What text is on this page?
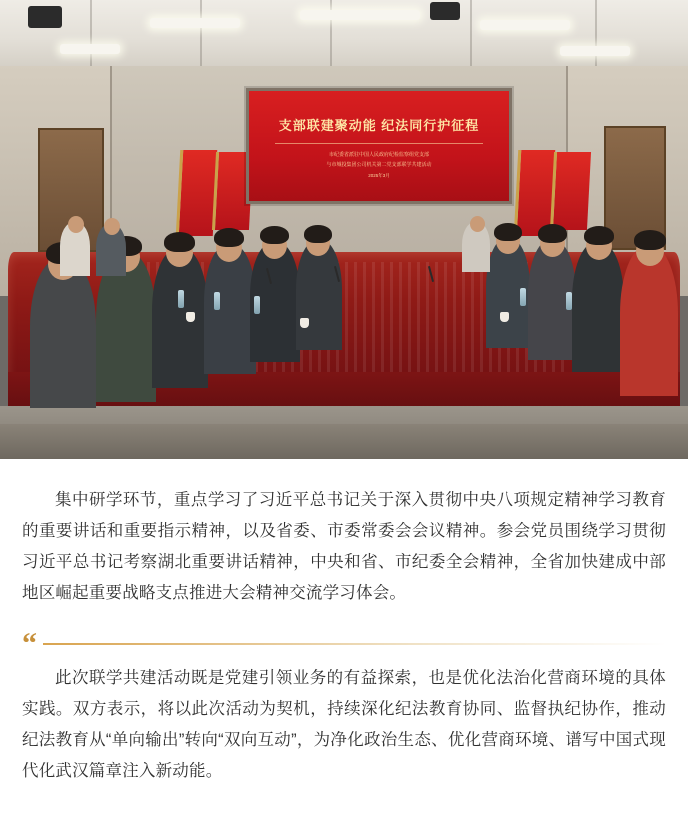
支部联建聚动能 纪法同行护征程
市纪委省派驻中国人民政府纪检监察组党支部
与市城投集团公司机关第二党支部联学共建活动
2025年3月

集中研学环节，重点学习了习近平总书记关于深入贯彻中央八项规定精神学习教育的重要讲话和重要指示精神，以及省委、市委常委会会议精神。参会党员围绕学习贯彻习近平总书记考察湖北重要讲话精神，中央和省、市纪委全会精神，全省加快建成中部地区崛起重要战略支点推进大会精神交流学习体会。

“

此次联学共建活动既是党建引领业务的有益探索，也是优化法治化营商环境的具体实践。双方表示，将以此次活动为契机，持续深化纪法教育协同、监督执纪协作，推动纪法教育从“单向输出”转向“双向互动”，为净化政治生态、优化营商环境、谱写中国式现代化武汉篇章注入新动能。
